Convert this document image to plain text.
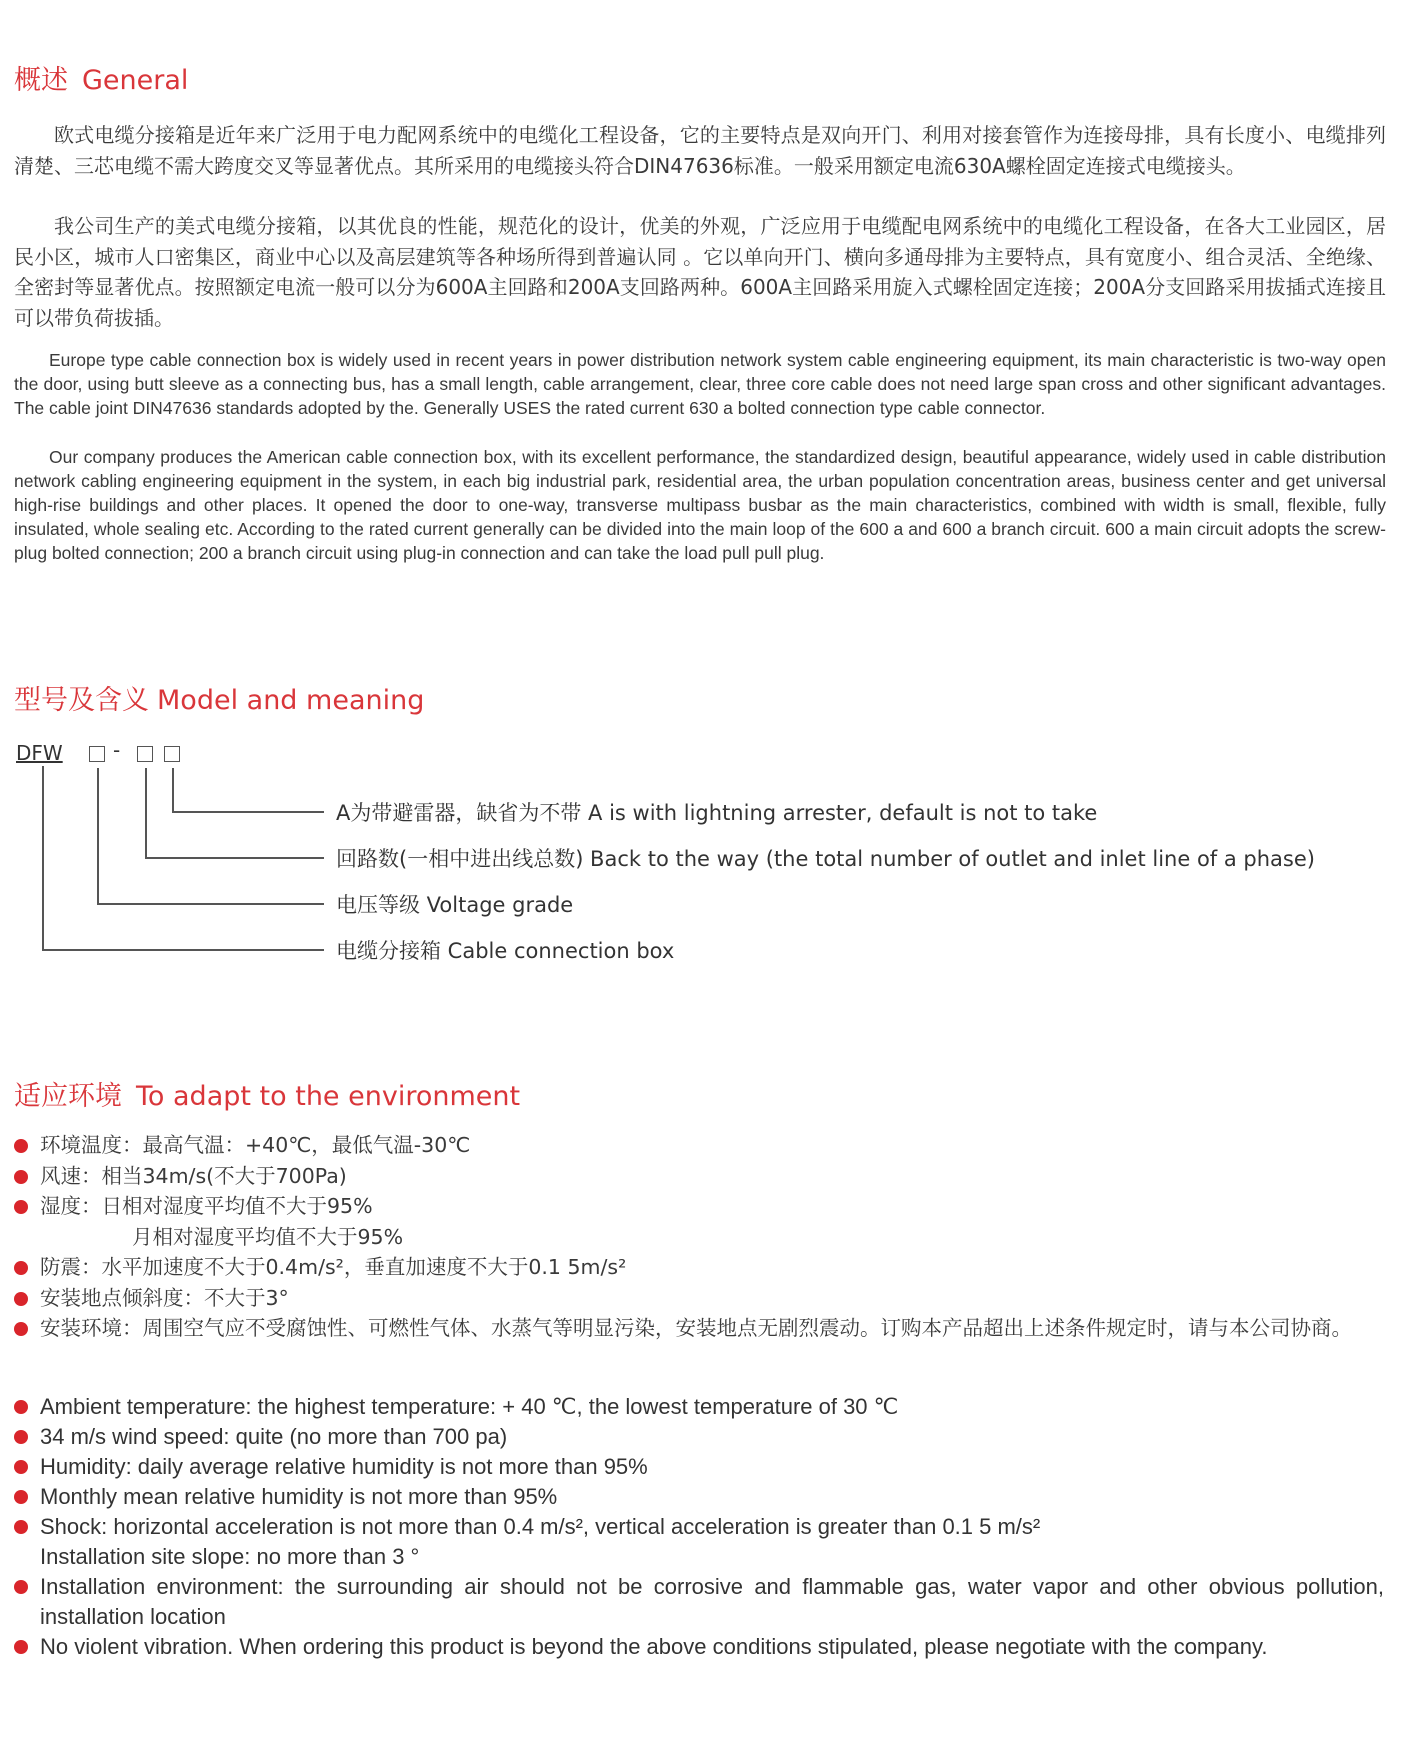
概述 General

欧式电缆分接箱是近年来广泛用于电力配网系统中的电缆化工程设备，它的主要特点是双向开门、利用对接套管作为连接母排，具有长度小、电缆排列清楚、三芯电缆不需大跨度交叉等显著优点。其所采用的电缆接头符合DIN47636标准。一般采用额定电流630A螺栓固定连接式电缆接头。

我公司生产的美式电缆分接箱，以其优良的性能，规范化的设计，优美的外观，广泛应用于电缆配电网系统中的电缆化工程设备，在各大工业园区，居民小区，城市人口密集区，商业中心以及高层建筑等各种场所得到普遍认同 。它以单向开门、横向多通母排为主要特点，具有宽度小、组合灵活、全绝缘、全密封等显著优点。按照额定电流一般可以分为600A主回路和200A支回路两种。600A主回路采用旋入式螺栓固定连接；200A分支回路采用拔插式连接且可以带负荷拔插。

Europe type cable connection box is widely used in recent years in power distribution network system cable engineering equipment, its main characteristic is two-way open the door, using butt sleeve as a connecting bus, has a small length, cable arrangement, clear, three core cable does not need large span cross and other significant advantages. The cable joint DIN47636 standards adopted by the. Generally USES the rated current 630 a bolted connection type cable connector.

Our company produces the American cable connection box, with its excellent performance, the standardized design, beautiful appearance, widely used in cable distribution network cabling engineering equipment in the system, in each big industrial park, residential area, the urban population concentration areas, business center and get universal high-rise buildings and other places. It opened the door to one-way, transverse multipass busbar as the main characteristics, combined with width is small, flexible, fully insulated, whole sealing etc. According to the rated current generally can be divided into the main loop of the 600 a and 600 a branch circuit. 600 a main circuit adopts the screw-plug bolted connection; 200 a branch circuit using plug-in connection and can take the load pull pull plug.

型号及含义 Model and meaning
DFW	-
A为带避雷器，缺省为不带 A is with lightning arrester, default is not to take
回路数(一相中进出线总数) Back to the way (the total number of outlet and inlet line of a phase)
电压等级 Voltage grade
电缆分接箱 Cable connection box
适应环境 To adapt to the environment
环境温度：最高气温：+40℃，最低气温-30℃
风速：相当34m/s(不大于700Pa)
湿度：日相对湿度平均值不大于95%
月相对湿度平均值不大于95%
防震：水平加速度不大于0.4m/s²，垂直加速度不大于0.1 5m/s²
安装地点倾斜度：不大于3°
安装环境：周围空气应不受腐蚀性、可燃性气体、水蒸气等明显污染，安装地点无剧烈震动。订购本产品超出上述条件规定时，请与本公司协商。
Ambient temperature: the highest temperature: + 40 ℃, the lowest temperature of 30 ℃
34 m/s wind speed: quite (no more than 700 pa)
Humidity: daily average relative humidity is not more than 95%
Monthly mean relative humidity is not more than 95%
Shock: horizontal acceleration is not more than 0.4 m/s², vertical acceleration is greater than 0.1 5 m/s²
Installation site slope: no more than 3 °
Installation environment: the surrounding air should not be corrosive and flammable gas, water vapor and other obvious pollution, installation location
No violent vibration. When ordering this product is beyond the above conditions stipulated, please negotiate with the company.
